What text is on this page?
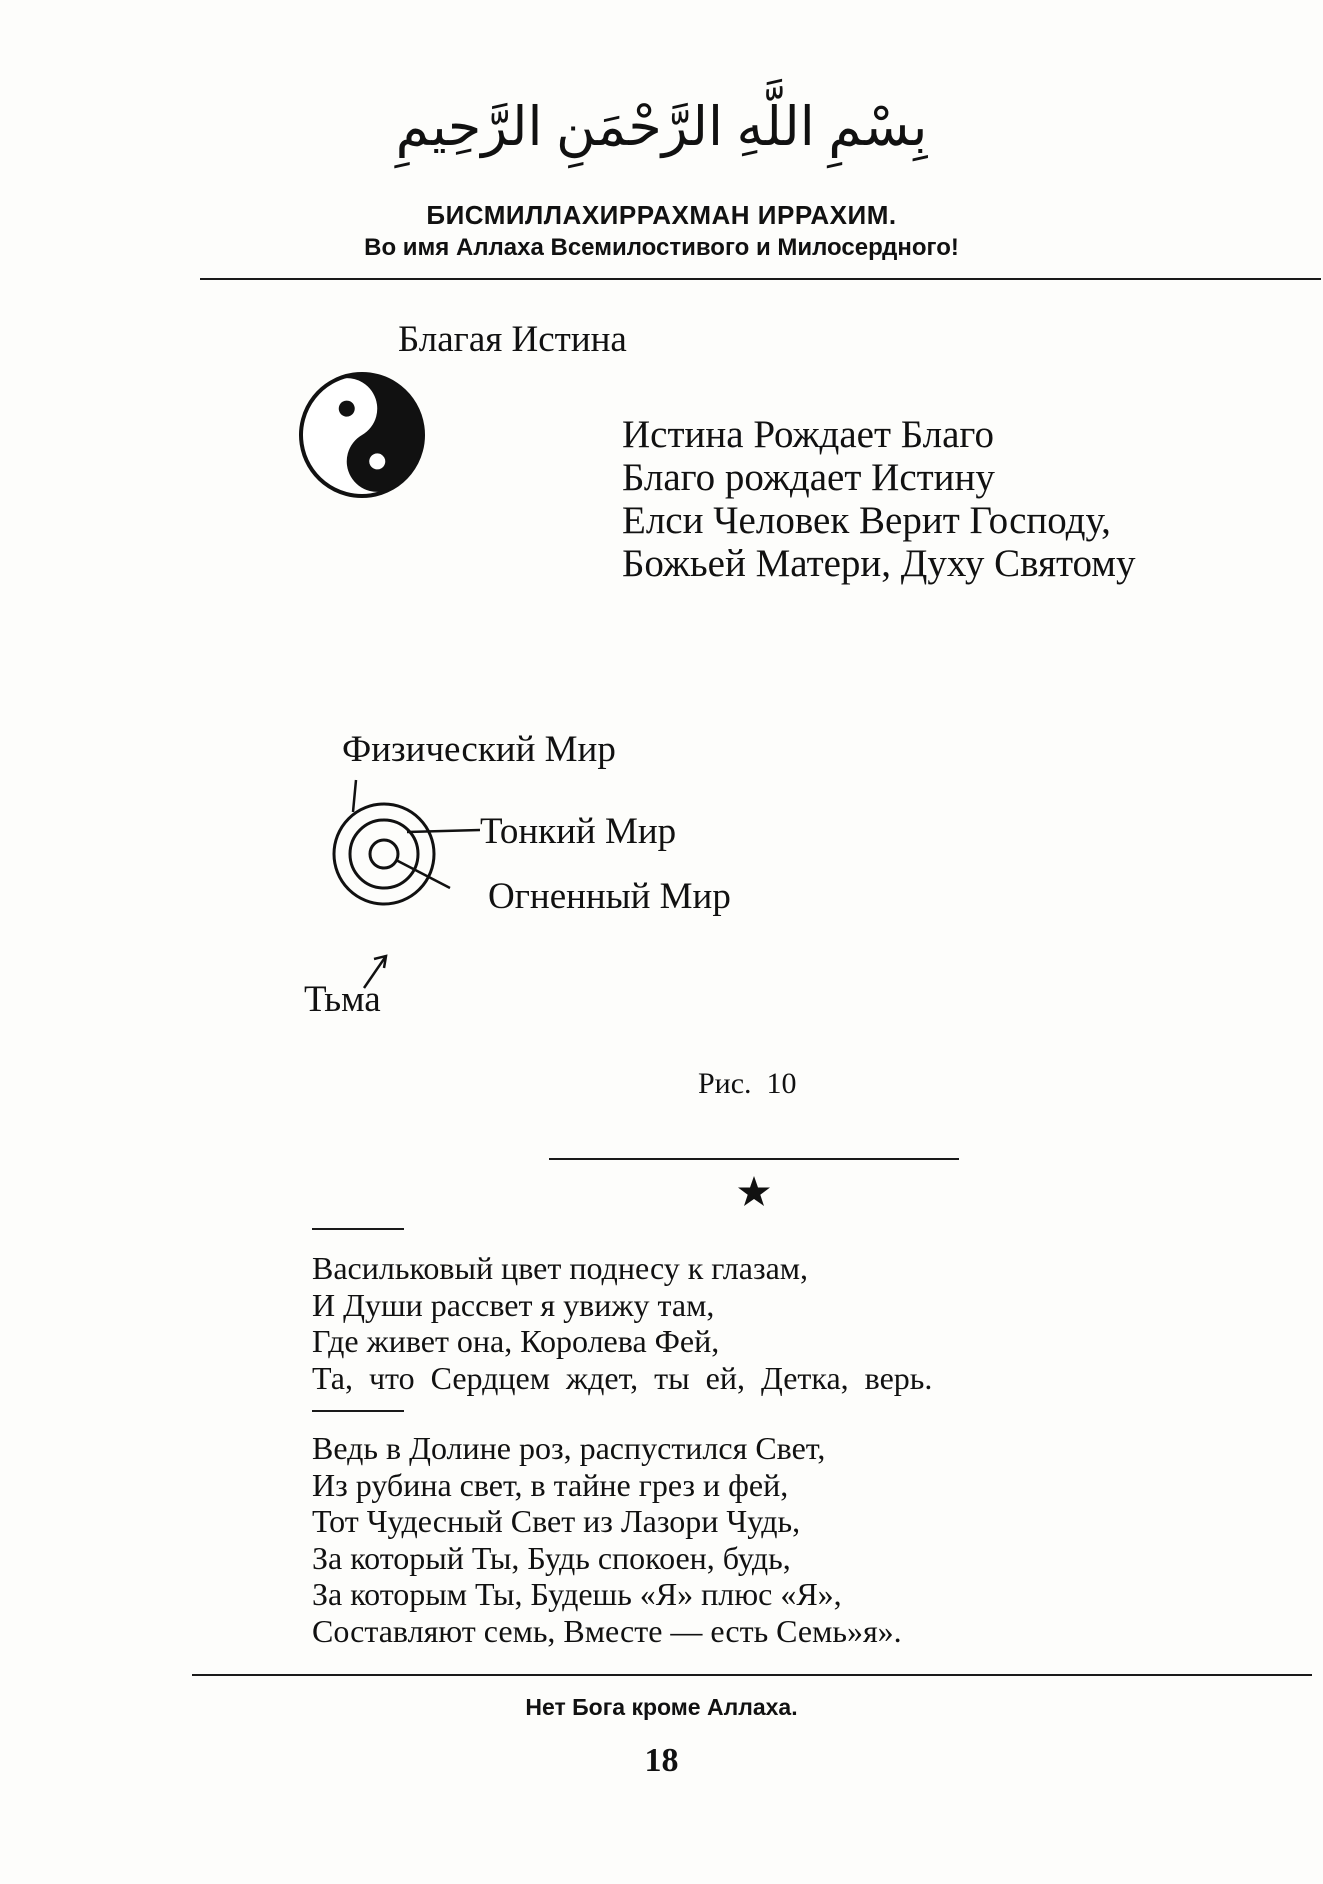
بِسْمِ اللَّهِ الرَّحْمَنِ الرَّحِيمِ
БИСМИЛЛАХИРРАХМАН ИРРАХИМ.
Во имя Аллаха Всемилостивого и Милосердного!
Благая Истина
Истина Рождает Благо
Благо рождает Истину
Елси Человек Верит Господу,
Божьей Матери, Духу Святому
Физический Мир
Тонкий Мир
Огненный Мир
Тьма
Рис.  10
Васильковый цвет поднесу к глазам,
И Души рассвет я увижу там,
Где живет она, Королева Фей,
Та,  что  Сердцем  ждет,  ты  ей,  Детка,  верь.
Ведь в Долине роз, распустился Свет,
Из рубина свет, в тайне грез и фей,
Тот Чудесный Свет из Лазори Чудь,
За который Ты, Будь спокоен, будь,
За которым Ты, Будешь «Я» плюс «Я»,
Составляют семь, Вместе — есть Семь»я».
Нет Бога кроме Аллаха.
18
